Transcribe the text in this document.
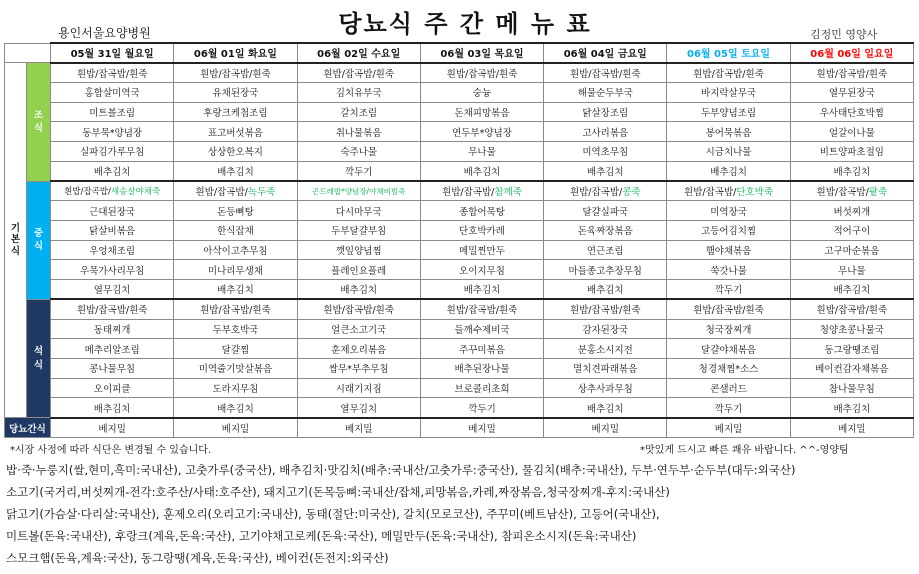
용인서울요양병원	당뇨식 주 간 메 뉴 표	김정민 영양사
		05월 31일 월요일	06월 01일 화요일	06월 02일 수요일	06월 03일 목요일	06월 04일 금요일	06월 05일 토요일	06월 06일 일요일
기본식	조식	흰밥/잡곡밥/흰죽	흰밥/잡곡밥/흰죽	흰밥/잡곡밥/흰죽	흰밥/잡곡밥/흰죽	흰밥/잡곡밥/흰죽	흰밥/잡곡밥/흰죽	흰밥/잡곡밥/흰죽
		홍합살미역국	유채된장국	김치유부국	숭늉	해물순두부국	바지락살무국	열무된장국
		미트볼조림	후랑크케첩조림	갈치조림	돈채피망볶음	닭살장조림	두부양념조림	우사태단호박찜
		동부묵*양념장	표고버섯볶음	취나물볶음	연두부*양념장	고사리볶음	봉어묵볶음	얼갈이나물
		실파김가루무침	상상한오복지	숙주나물	무나물	미역초무침	시금치나물	비트양파초절임
		배추김치	배추김치	깍두기	배추김치	배추김치	배추김치	배추김치
	중식	흰밥/잡곡밥/새송살야채죽	흰밥/잡곡밥/녹두죽	곤드레밥*양념장/야채비빔죽	흰밥/잡곡밥/참깨죽	흰밥/잡곡밥/콩죽	흰밥/잡곡밥/단호박죽	흰밥/잡곡밥/팥죽
		근대된장국	돈등뼈탕	다시마무국	종합어묵탕	달걀실파국	미역장국	버섯찌개
		닭살비볶음	한식잡채	두부달걀부침	단호박카레	돈육짜장볶음	고등어김치찜	적어구이
		우엉채조림	아삭이고추무침	깻잎양념찜	메밀찐만두	연근조림	햄야채볶음	고구마순볶음
		우묵가사리무침	미나리무생채	플레인요플레	오이지무침	마들종고추장무침	쑥갓나물	무나물
		열무김치	배추김치	배추김치	배추김치	배추김치	깍두기	배추김치
	석식	흰밥/잡곡밥/흰죽	흰밥/잡곡밥/흰죽	흰밥/잡곡밥/흰죽	흰밥/잡곡밥/흰죽	흰밥/잡곡밥/흰죽	흰밥/잡곡밥/흰죽	흰밥/잡곡밥/흰죽
		동태찌개	두부호박국	얼큰소고기국	들깨수제비국	감자된장국	청국장찌개	청양초콩나물국
		메추리알조림	달걀찜	훈제오리볶음	주꾸미볶음	분홍소시지전	달걀야채볶음	동그랑땡조림
		콩나물무침	미역줄기맛살볶음	쌈무*부추무침	배추된장나물	멸치견파래볶음	청경채찜*소스	베이컨감자채볶음
		오이피클	도라지무침	시래기지짐	브로콜리초회	상추사과무침	콘샐러드	참나물무침
		배추김치	배추김치	열무김치	깍두기	배추김치	깍두기	배추김치
당뇨간식		베지밀	베지밀	베지밀	베지밀	베지밀	베지밀	베지밀
*시장 사정에 따라 식단은 변경될 수 있습니다.	*맛있게 드시고 빠른 쾌유 바랍니다. ^^-영양팀
밥·죽·누룽지(쌀,현미,흑미:국내산), 고춧가루(중국산), 배추김치·맛김치(배추:국내산/고춧가루:중국산), 물김치(배추:국내산), 두부·연두부·순두부(대두:외국산)
소고기(국거리,버섯찌개-전각:호주산/사태:호주산), 돼지고기(돈목등뼈:국내산/잡채,피망볶음,카레,짜장볶음,청국장찌개-후지:국내산)
닭고기(가슴살·다리살:국내산), 훈제오리(오리고기:국내산), 동태(절단:미국산), 갈치(모로코산), 주꾸미(베트남산), 고등어(국내산),
미트볼(돈육:국내산), 후랑크(계육,돈육:국산), 고기야채고로케(돈육:국산), 메밀만두(돈육:국내산), 참피온소시지(돈육:국내산)
스모크햄(돈육,계육:국산), 동그랑땡(계육,돈육:국산), 베이컨(돈전지:외국산)
